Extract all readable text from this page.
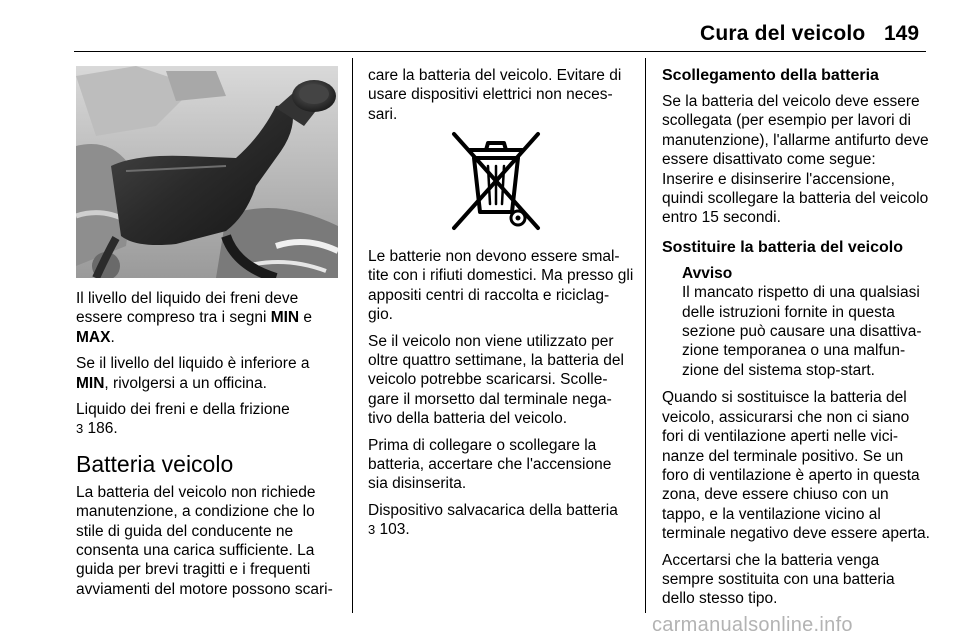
Cura del veicolo 149

Il livello del liquido dei freni deve essere compreso tra i segni MIN e MAX.

Se il livello del liquido è inferiore a MIN, rivolgersi a un officina.

Liquido dei freni e della frizione
3 186.

Batteria veicolo

La batteria del veicolo non richiede manutenzione, a condizione che lo stile di guida del conducente ne consenta una carica sufficiente. La guida per brevi tragitti e i frequenti avviamenti del motore possono scari-

care la batteria del veicolo. Evitare di usare dispositivi elettrici non neces-sari.

Le batterie non devono essere smal-tite con i rifiuti domestici. Ma presso gli appositi centri di raccolta e riciclag-gio.

Se il veicolo non viene utilizzato per oltre quattro settimane, la batteria del veicolo potrebbe scaricarsi. Scolle-gare il morsetto dal terminale nega-tivo della batteria del veicolo.

Prima di collegare o scollegare la batteria, accertare che l'accensione sia disinserita.

Dispositivo salvacarica della batteria
3 103.

Scollegamento della batteria

Se la batteria del veicolo deve essere scollegata (per esempio per lavori di manutenzione), l'allarme antifurto deve essere disattivato come segue: Inserire e disinserire l'accensione, quindi scollegare la batteria del veicolo entro 15 secondi.

Sostituire la batteria del veicolo
Avviso
Il mancato rispetto di una qualsiasi delle istruzioni fornite in questa sezione può causare una disattiva-zione temporanea o una malfun-zione del sistema stop-start.

Quando si sostituisce la batteria del veicolo, assicurarsi che non ci siano fori di ventilazione aperti nelle vici-nanze del terminale positivo. Se un foro di ventilazione è aperto in questa zona, deve essere chiuso con un tappo, e la ventilazione vicino al terminale negativo deve essere aperta.

Accertarsi che la batteria venga sempre sostituita con una batteria dello stesso tipo.

carmanualsonline.info
